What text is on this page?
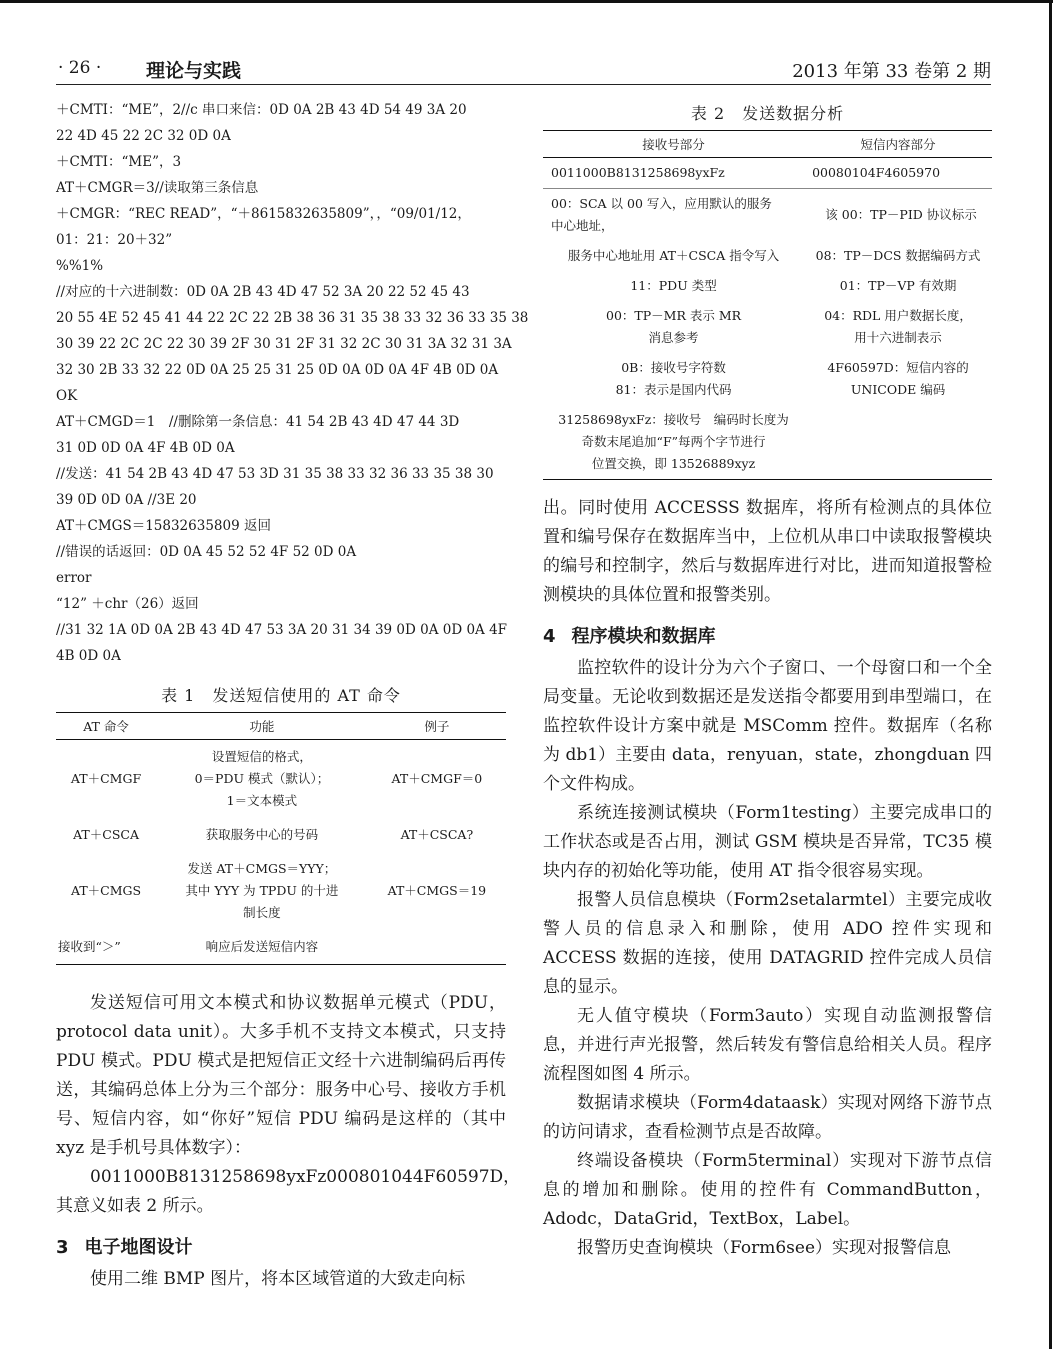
· 26 · 理论与实践	2013 年第 33 卷第 2 期
＋CMTI：“ME”，2//c 串口来信：0D 0A 2B 43 4D 54 49 3A 20
22 4D 45 22 2C 32 0D 0A
＋CMTI：“ME”，3
AT＋CMGR＝3//读取第三条信息
＋CMGR：“REC READ”，“＋8615832635809”，，“09/01/12，
01：21：20＋32”
%%1%
//对应的十六进制数：0D 0A 2B 43 4D 47 52 3A 20 22 52 45 43
20 55 4E 52 45 41 44 22 2C 22 2B 38 36 31 35 38 33 32 36 33 35 38
30 39 22 2C 2C 22 30 39 2F 30 31 2F 31 32 2C 30 31 3A 32 31 3A
32 30 2B 33 32 22 0D 0A 25 25 31 25 0D 0A 0D 0A 4F 4B 0D 0A
OK
AT＋CMGD＝1　//删除第一条信息：41 54 2B 43 4D 47 44 3D
31 0D 0D 0A 4F 4B 0D 0A
//发送：41 54 2B 43 4D 47 53 3D 31 35 38 33 32 36 33 35 38 30
39 0D 0D 0A //3E 20
AT＋CMGS＝15832635809 返回
//错误的话返回：0D 0A 45 52 52 4F 52 0D 0A
error
“12” ＋chr（26）返回
//31 32 1A 0D 0A 2B 43 4D 47 53 3A 20 31 34 39 0D 0A 0D 0A 4F
4B 0D 0A
表 1　发送短信使用的 AT 命令
AT 命令	功能	例子
AT＋CMGF	设置短信的格式，
0＝PDU 模式（默认）；
1＝文本模式	AT＋CMGF＝0
AT＋CSCA	获取服务中心的号码	AT＋CSCA?
AT＋CMGS	发送 AT＋CMGS＝YYY；
其中 YYY 为 TPDU 的十进
制长度	AT＋CMGS＝19
接收到“＞”	响应后发送短信内容	
发送短信可用文本模式和协议数据单元模式（PDU，protocol data unit）。大多手机不支持文本模式，只支持 PDU 模式。PDU 模式是把短信正文经十六进制编码后再传送，其编码总体上分为三个部分：服务中心号、接收方手机号、短信内容，如“你好”短信 PDU 编码是这样的（其中 xyz 是手机号具体数字）：
0011000B8131258698yxFz000801044F60597D，　其意义如表 2 所示。
3 电子地图设计
使用二维 BMP 图片，将本区域管道的大致走向标
表 2　发送数据分析
接收号部分	短信内容部分
0011000B8131258698yxFz	00080104F4605970
00：SCA 以 00 写入，应用默认的服务
中心地址，	该 00：TP－PID 协议标示
服务中心地址用 AT＋CSCA 指令写入	08：TP－DCS 数据编码方式
11：PDU 类型	01：TP－VP 有效期
00：TP－MR 表示 MR
消息参考	04：RDL 用户数据长度，
用十六进制表示
0B：接收号字符数
81：表示是国内代码	4F60597D：短信内容的
UNICODE 编码
31258698yxFz：接收号　编码时长度为
奇数末尾追加“F”每两个字节进行
位置交换，即 13526889xyz	
出。同时使用 ACCESSS 数据库，将所有检测点的具体位置和编号保存在数据库当中，上位机从串口中读取报警模块的编号和控制字，然后与数据库进行对比，进而知道报警检测模块的具体位置和报警类别。
4 程序模块和数据库
监控软件的设计分为六个子窗口、一个母窗口和一个全局变量。无论收到数据还是发送指令都要用到串型端口，在监控软件设计方案中就是 MSComm 控件。数据库（名称为 db1）主要由 data，renyuan，state，zhongduan 四个文件构成。
系统连接测试模块（Form1testing）主要完成串口的工作状态或是否占用，测试 GSM 模块是否异常，TC35 模块内存的初始化等功能，使用 AT 指令很容易实现。
报警人员信息模块（Form2setalarmtel）主要完成收警人员的信息录入和删除，使用 ADO 控件实现和 ACCESS 数据的连接，使用 DATAGRID 控件完成人员信息的显示。
无人值守模块（Form3auto）实现自动监测报警信息，并进行声光报警，然后转发有警信息给相关人员。程序流程图如图 4 所示。
数据请求模块（Form4dataask）实现对网络下游节点的访问请求，查看检测节点是否故障。
终端设备模块（Form5terminal）实现对下游节点信息的增加和删除。使用的控件有 CommandButton，Adodc，DataGrid，TextBox，Label。
报警历史查询模块（Form6see）实现对报警信息
